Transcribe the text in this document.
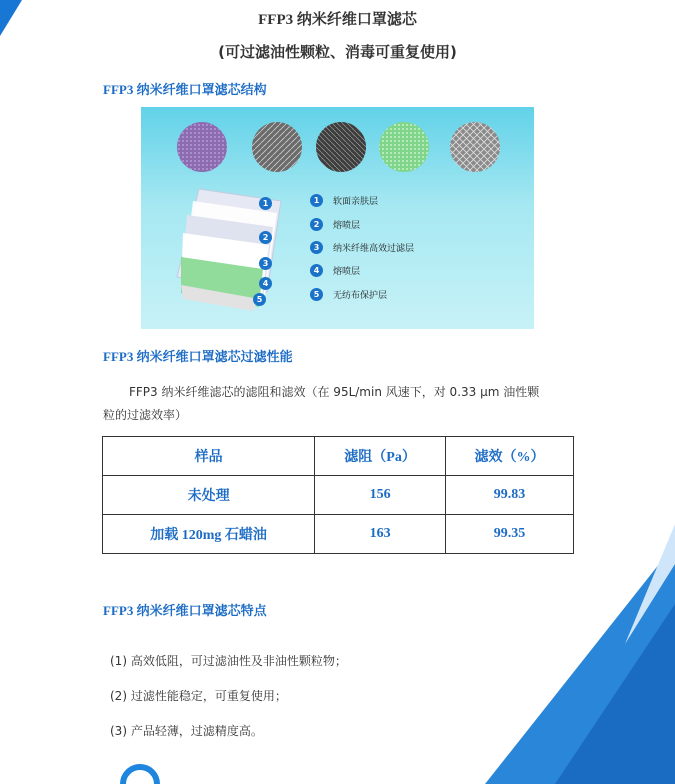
FFP3 纳米纤维口罩滤芯
(可过滤油性颗粒、消毒可重复使用)
FFP3 纳米纤维口罩滤芯结构
1
2
3
4
5
1	软面亲肤层
2	熔喷层
3	纳米纤维高效过滤层
4	熔喷层
5	无纺布保护层
FFP3 纳米纤维口罩滤芯过滤性能
FFP3 纳米纤维滤芯的滤阻和滤效（在 95L/min 风速下，对 0.33 μm 油性颗
粒的过滤效率）
样品	滤阻（Pa）	滤效（%）
未处理	156	99.83
加载 120mg 石蜡油	163	99.35
FFP3 纳米纤维口罩滤芯特点
(1) 高效低阻，可过滤油性及非油性颗粒物；
(2) 过滤性能稳定，可重复使用；
(3) 产品轻薄，过滤精度高。
